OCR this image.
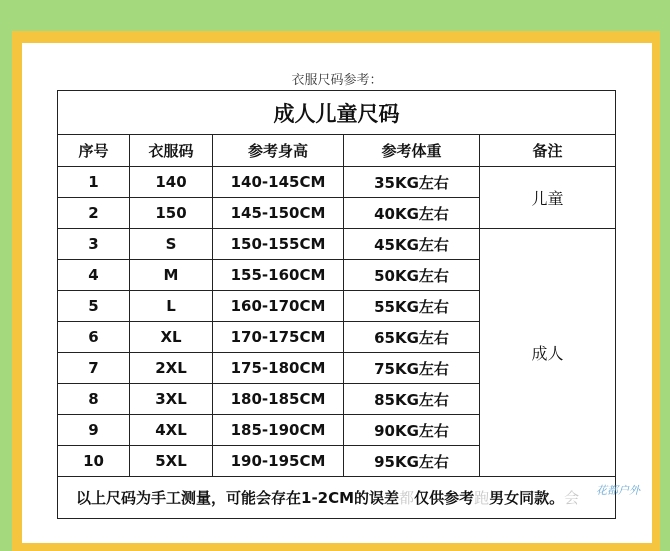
衣服尺码参考：
成人儿童尺码				
序号	衣服码	参考身高	参考体重	备注
1	140	140-145CM	35KG左右	儿童
2	150	145-150CM	40KG左右	
3	S	150-155CM	45KG左右	成人
4	M	155-160CM	50KG左右	
5	L	160-170CM	55KG左右	
6	XL	170-175CM	65KG左右	
7	2XL	175-180CM	75KG左右	
8	3XL	180-185CM	85KG左右	
9	4XL	185-190CM	90KG左右	
10	5XL	190-195CM	95KG左右	
以上尺码为手工测量，可能会存在1-2CM的误差都仅供参考跑男女同款。会				花都户外
